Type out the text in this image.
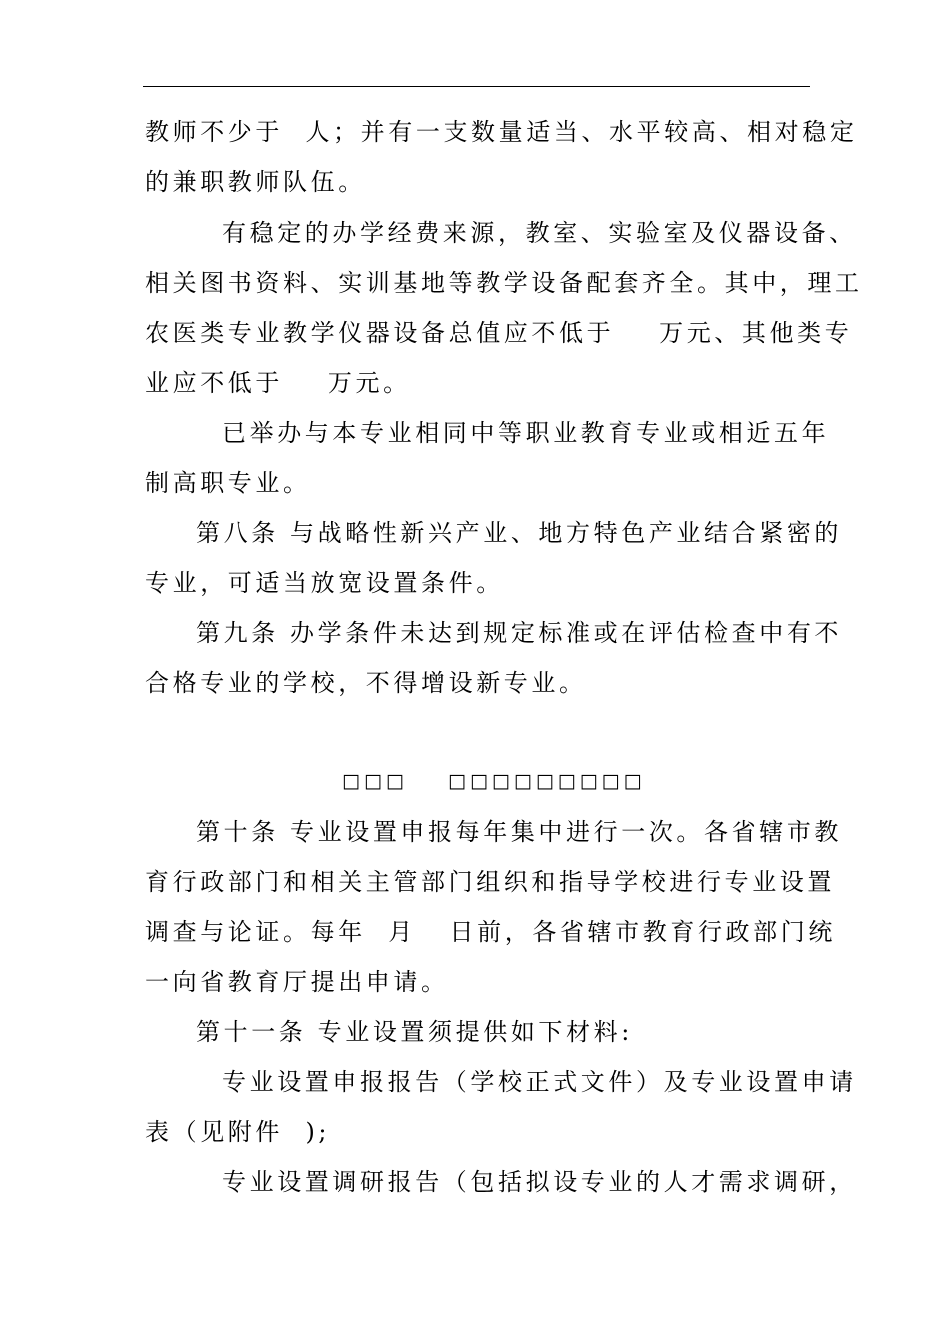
教师不少于  人；并有一支数量适当、水平较高、相对稳定
的兼职教师队伍。
有稳定的办学经费来源，教室、实验室及仪器设备、
相关图书资料、实训基地等教学设备配套齐全。其中，理工
农医类专业教学仪器设备总值应不低于    万元、其他类专
业应不低于    万元。
已举办与本专业相同中等职业教育专业或相近五年
制高职专业。
第八条 与战略性新兴产业、地方特色产业结合紧密的
专业，可适当放宽设置条件。
第九条 办学条件未达到规定标准或在评估检查中有不
合格专业的学校，不得增设新专业。
□□□    □□□□□□□□□
第十条 专业设置申报每年集中进行一次。各省辖市教
育行政部门和相关主管部门组织和指导学校进行专业设置
调查与论证。每年  月   日前，各省辖市教育行政部门统
一向省教育厅提出申请。
第十一条 专业设置须提供如下材料:
专业设置申报报告（学校正式文件）及专业设置申请
表（见附件  );
专业设置调研报告（包括拟设专业的人才需求调研，
